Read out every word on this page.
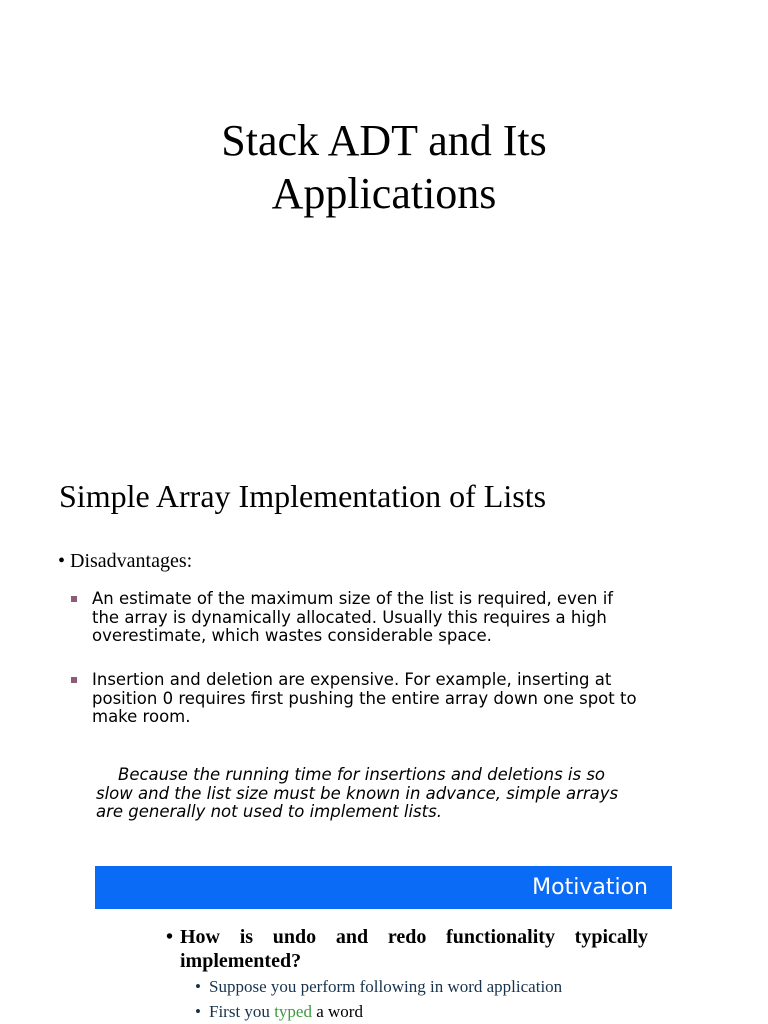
Stack ADT and Its
Applications
Simple Array Implementation of Lists
• Disadvantages:
An estimate of the maximum size of the list is required, even if
the array is dynamically allocated. Usually this requires a high
overestimate, which wastes considerable space.
Insertion and deletion are expensive. For example, inserting at
position 0 requires first pushing the entire array down one spot to
make room.
Because the running time for insertions and deletions is so
slow and the list size must be known in advance, simple arrays
are generally not used to implement lists.
Motivation
• How is undo and redo functionality typically implemented?
• Suppose you perform following in word application
• First you typed a word
